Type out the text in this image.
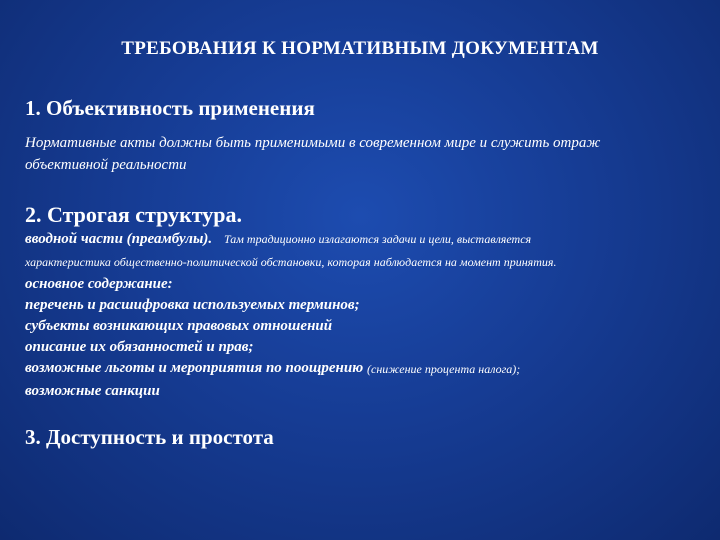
ТРЕБОВАНИЯ К НОРМАТИВНЫМ ДОКУМЕНТАМ
1. Объективность применения
Нормативные акты должны быть применимыми в современном мире и служить отраж
объективной реальности
2. Строгая структура.
вводной части (преамбулы). Там традиционно излагаются задачи и цели, выставляется
характеристика общественно-политической обстановки, которая наблюдается на момент принятия.
основное содержание:
перечень и расшифровка используемых терминов;
субъекты возникающих правовых отношений
описание их обязанностей и прав;
возможные льготы и мероприятия по поощрению (снижение процента налога);
возможные санкции
3. Доступность и простота
